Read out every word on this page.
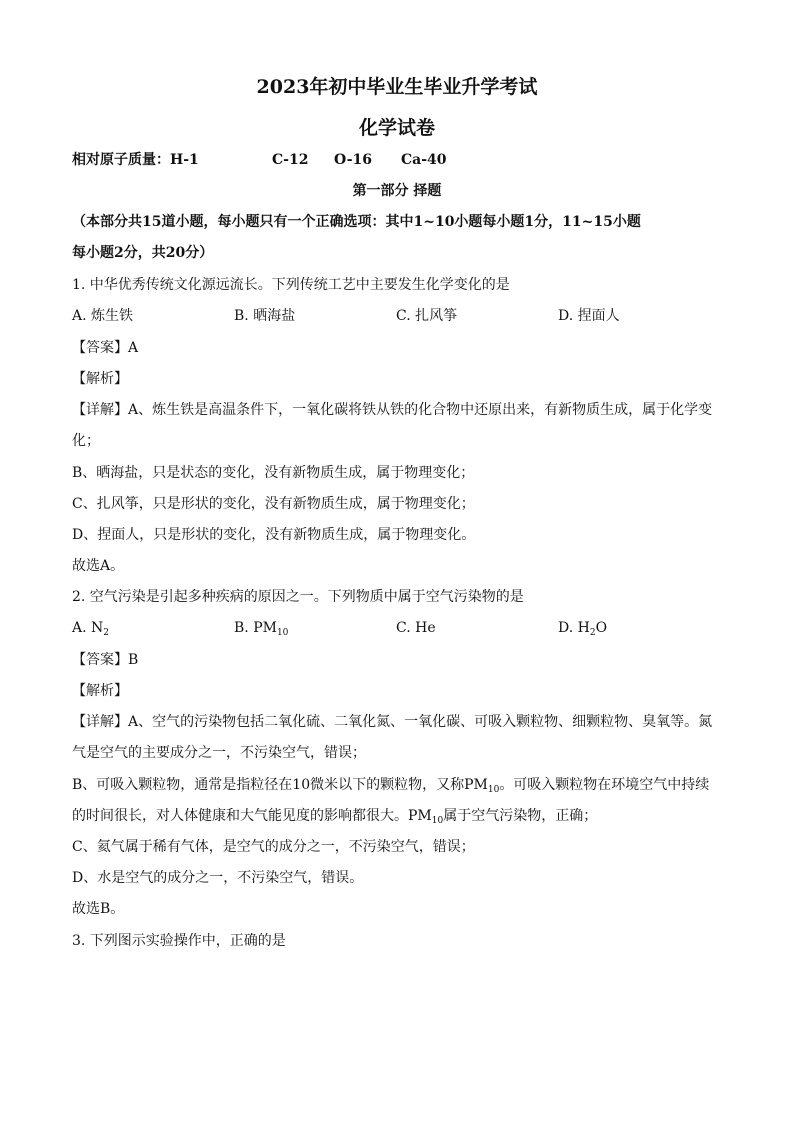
2023年初中毕业生毕业升学考试
化学试卷
相对原子质量：H-1	C-12 O-16 Ca-40
第一部分 择题
（本部分共15道小题，每小题只有一个正确选项：其中1~10小题每小题1分，11~15小题
每小题2分，共20分）
1. 中华优秀传统文化源远流长。下列传统工艺中主要发生化学变化的是
A. 炼生铁	B. 晒海盐	C. 扎风筝	D. 捏面人
【答案】A
【解析】
【详解】A、炼生铁是高温条件下，一氧化碳将铁从铁的化合物中还原出来，有新物质生成，属于化学变
化；
B、晒海盐，只是状态的变化，没有新物质生成，属于物理变化；
C、扎风筝，只是形状的变化，没有新物质生成，属于物理变化；
D、捏面人，只是形状的变化，没有新物质生成，属于物理变化。
故选A。
2. 空气污染是引起多种疾病的原因之一。下列物质中属于空气污染物的是
A. $N_2$	B. $PM_{10}$	C. He	D. $H_2O$
【答案】B
【解析】
【详解】A、空气的污染物包括二氧化硫、二氧化氮、一氧化碳、可吸入颗粒物、细颗粒物、臭氧等。氮
气是空气的主要成分之一，不污染空气，错误；
B、可吸入颗粒物，通常是指粒径在10微米以下的颗粒物，又称$PM_{10}$。可吸入颗粒物在环境空气中持续
的时间很长，对人体健康和大气能见度的影响都很大。$PM_{10}$属于空气污染物，正确；
C、氦气属于稀有气体，是空气的成分之一，不污染空气，错误；
D、水是空气的成分之一，不污染空气，错误。
故选B。
3. 下列图示实验操作中，正确的是
